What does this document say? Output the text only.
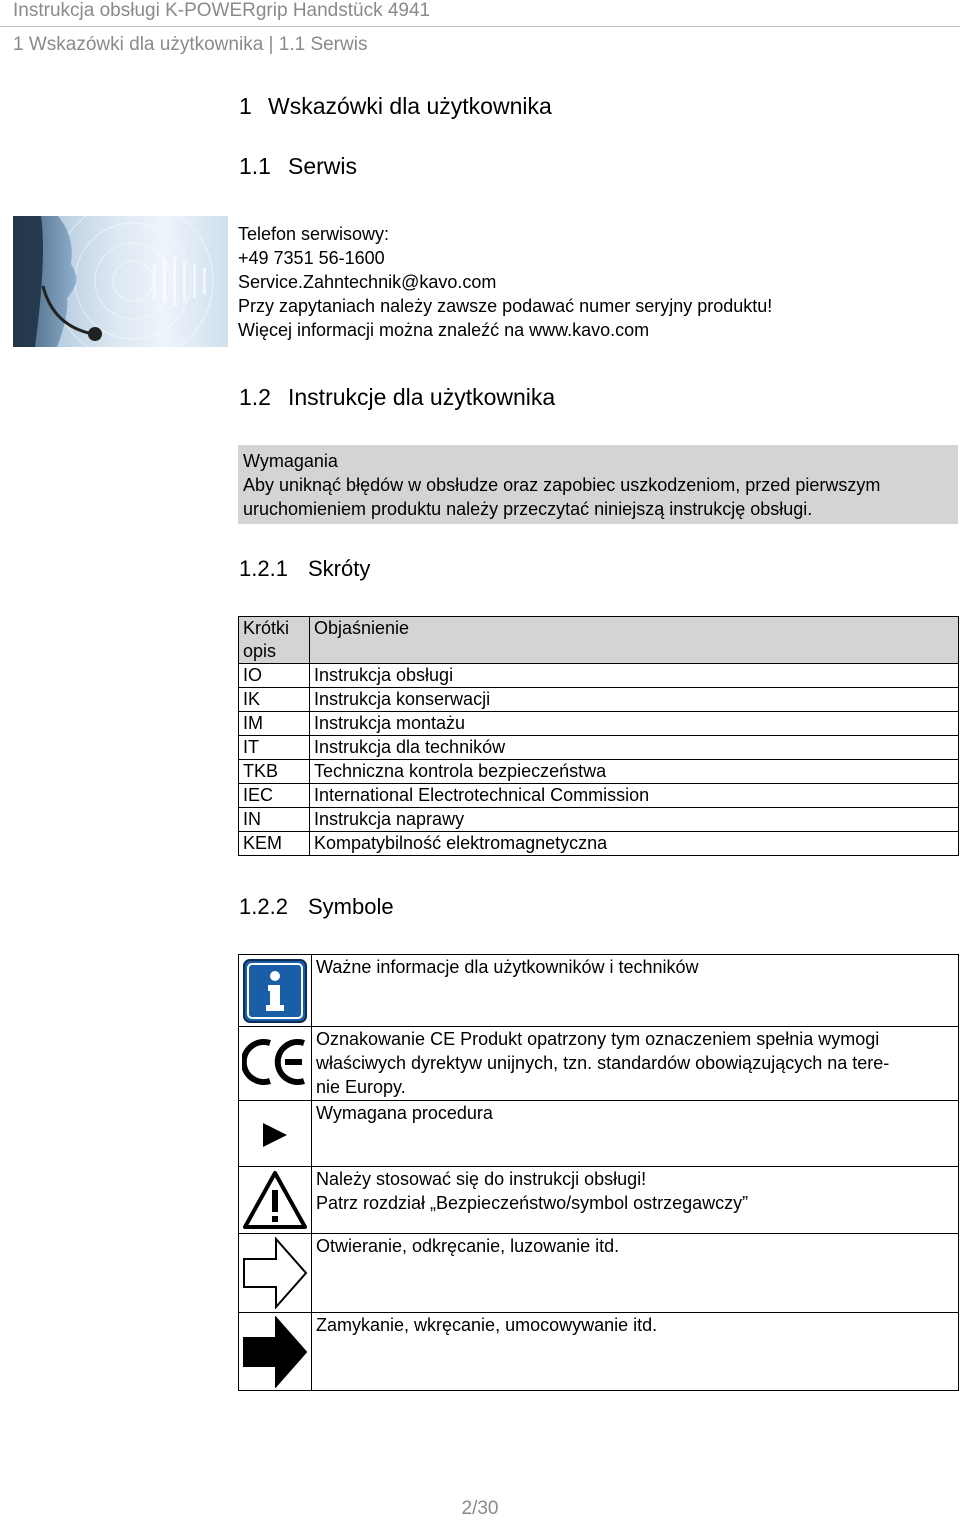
Instrukcja obsługi K-POWERgrip Handstück 4941
1 Wskazówki dla użytkownika | 1.1 Serwis
1 Wskazówki dla użytkownika
1.1 Serwis
Telefon serwisowy:
+49 7351 56-1600
Service.Zahntechnik@kavo.com
Przy zapytaniach należy zawsze podawać numer seryjny produktu!
Więcej informacji można znaleźć na www.kavo.com
1.2 Instrukcje dla użytkownika
Wymagania
Aby uniknąć błędów w obsłudze oraz zapobiec uszkodzeniom, przed pierwszym
uruchomieniem produktu należy przeczytać niniejszą instrukcję obsługi.
1.2.1 Skróty
Krótki
opis	Objaśnienie
IO	Instrukcja obsługi
IK	Instrukcja konserwacji
IM	Instrukcja montażu
IT	Instrukcja dla techników
TKB	Techniczna kontrola bezpieczeństwa
IEC	International Electrotechnical Commission
IN	Instrukcja naprawy
KEM	Kompatybilność elektromagnetyczna
1.2.2 Symbole

Ważne informacje dla użytkowników i techników

Oznakowanie CE Produkt opatrzony tym oznaczeniem spełnia wymogi
właściwych dyrektyw unijnych, tzn. standardów obowiązujących na tere-
nie Europy.

Wymagana procedura

Należy stosować się do instrukcji obsługi!
Patrz rozdział „Bezpieczeństwo/symbol ostrzegawczy”

Otwieranie, odkręcanie, luzowanie itd.

Zamykanie, wkręcanie, umocowywanie itd.
2/30
